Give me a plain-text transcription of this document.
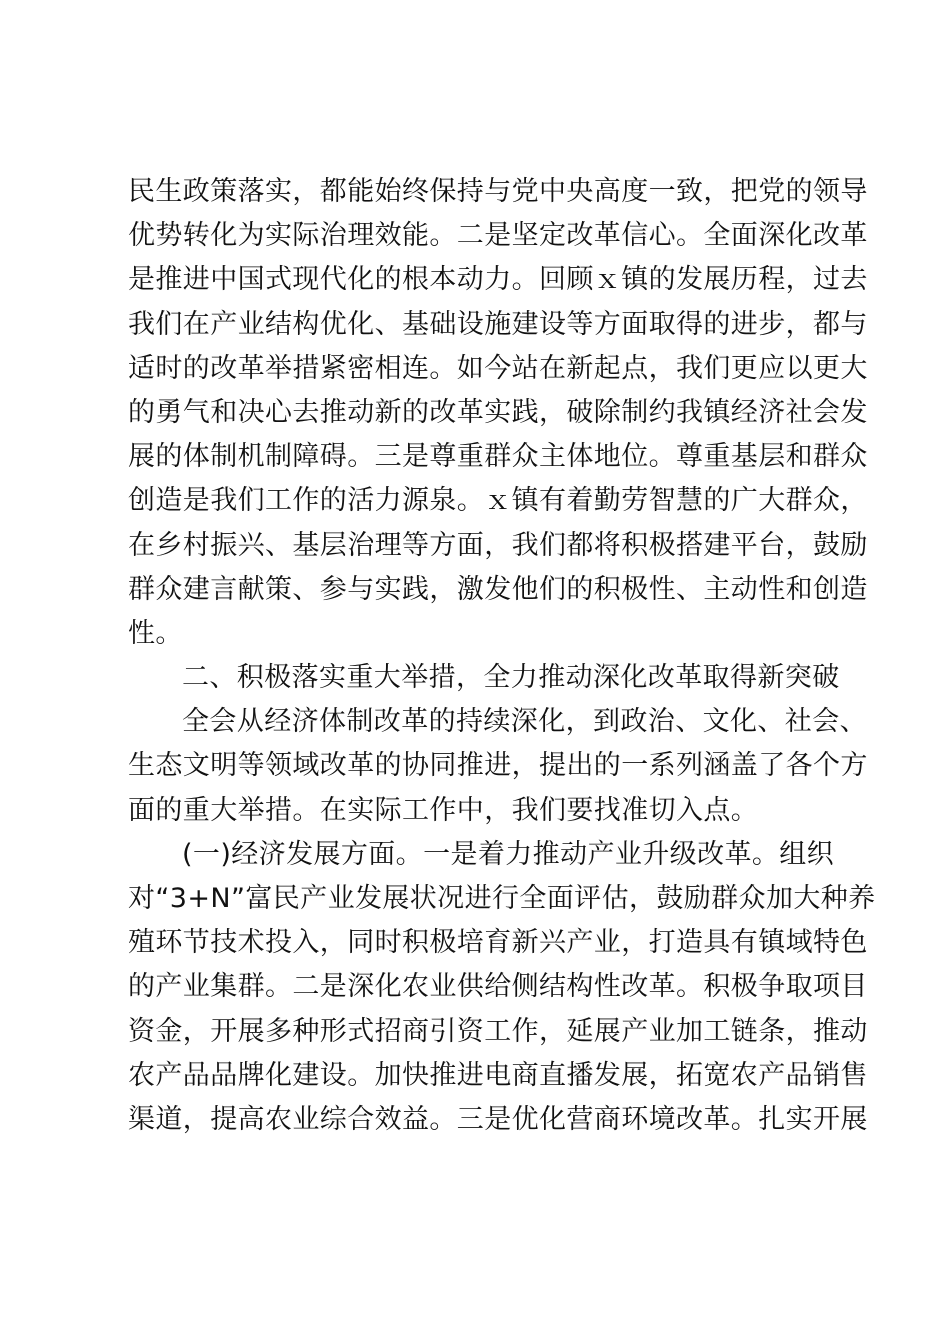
民生政策落实，都能始终保持与党中央高度一致，把党的领导
优势转化为实际治理效能。二是坚定改革信心。全面深化改革
是推进中国式现代化的根本动力。回顾ｘ镇的发展历程，过去
我们在产业结构优化、基础设施建设等方面取得的进步，都与
适时的改革举措紧密相连。如今站在新起点，我们更应以更大
的勇气和决心去推动新的改革实践，破除制约我镇经济社会发
展的体制机制障碍。三是尊重群众主体地位。尊重基层和群众
创造是我们工作的活力源泉。ｘ镇有着勤劳智慧的广大群众，
在乡村振兴、基层治理等方面，我们都将积极搭建平台，鼓励
群众建言献策、参与实践，激发他们的积极性、主动性和创造
性。
二、积极落实重大举措，全力推动深化改革取得新突破
全会从经济体制改革的持续深化，到政治、文化、社会、
生态文明等领域改革的协同推进，提出的一系列涵盖了各个方
面的重大举措。在实际工作中，我们要找准切入点。
(一)经济发展方面。一是着力推动产业升级改革。组织
对“3+N”富民产业发展状况进行全面评估，鼓励群众加大种养
殖环节技术投入，同时积极培育新兴产业，打造具有镇域特色
的产业集群。二是深化农业供给侧结构性改革。积极争取项目
资金，开展多种形式招商引资工作，延展产业加工链条，推动
农产品品牌化建设。加快推进电商直播发展，拓宽农产品销售
渠道，提高农业综合效益。三是优化营商环境改革。扎实开展
